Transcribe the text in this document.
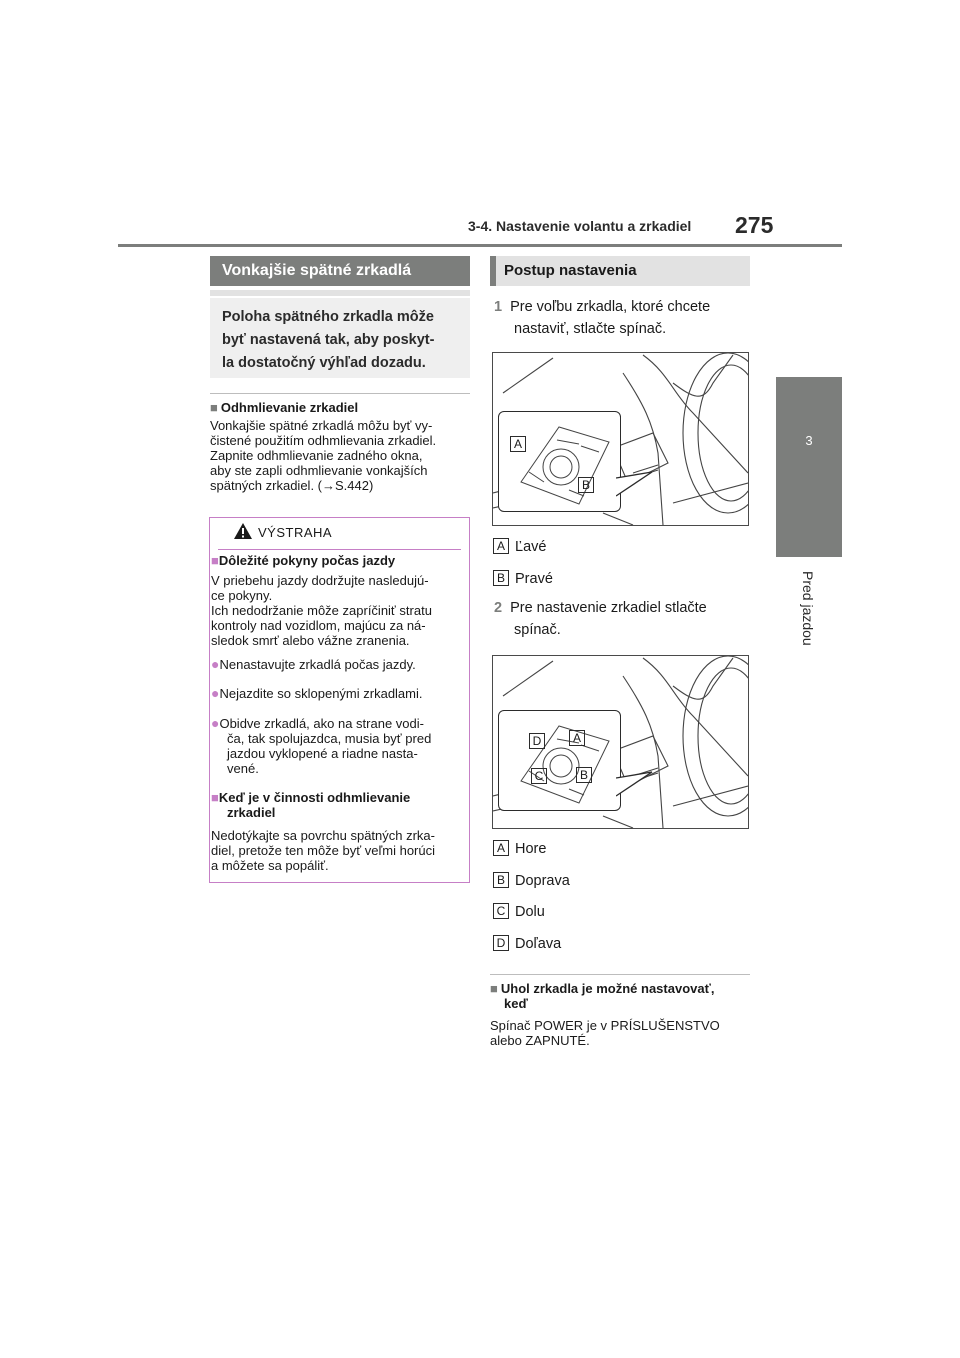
3-4. Nastavenie volantu a zrkadiel 275
3
Pred jazdou
Vonkajšie spätné zrkadlá
Poloha spätného zrkadla môže
byť nastavená tak, aby poskyt-
la dostatočný výhľad dozadu.
■ Odhmlievanie zrkadiel
Vonkajšie spätné zrkadlá môžu byť vy-
čistené použitím odhmlievania zrkadiel.
Zapnite odhmlievanie zadného okna,
aby ste zapli odhmlievanie vonkajších
spätných zrkadiel. (→S.442)
VÝSTRAHA
■Dôležité pokyny počas jazdy
V priebehu jazdy dodržujte nasledujú-
ce pokyny.
Ich nedodržanie môže zapríčiniť stratu
kontroly nad vozidlom, majúcu za ná-
sledok smrť alebo vážne zranenia.
●Nenastavujte zrkadlá počas jazdy.
●Nejazdite so sklopenými zrkadlami.
●Obidve zrkadlá, ako na strane vodi-
ča, tak spolujazdca, musia byť pred
jazdou vyklopené a riadne nasta-
vené.
■Keď je v činnosti odhmlievanie
zrkadiel
Nedotýkajte sa povrchu spätných zrka-
diel, pretože ten môže byť veľmi horúci
a môžete sa popáliť.
Postup nastavenia
1 Pre voľbu zrkadla, ktoré chcete
nastaviť, stlačte spínač.
A
B
A Ľavé
B Pravé
2 Pre nastavenie zrkadiel stlačte
spínač.
D	A
C	B
A Hore
B Doprava
C Dolu
D Doľava
■ Uhol zrkadla je možné nastavovať,
keď
Spínač POWER je v PRÍSLUŠENSTVO
alebo ZAPNUTÉ.
